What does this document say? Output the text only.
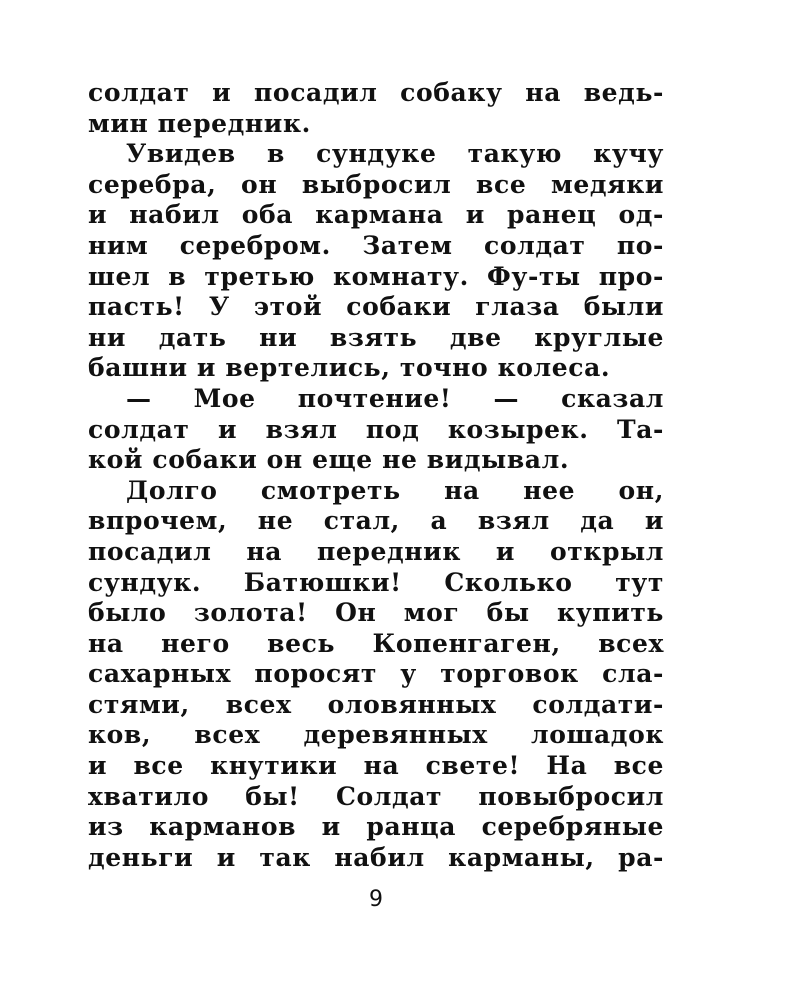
солдат и посадил собаку на ведь-
мин передник.
Увидев в сундуке такую кучу
серебра, он выбросил все медяки
и набил оба кармана и ранец од-
ним серебром. Затем солдат по-
шел в третью комнату. Фу-ты про-
пасть! У этой собаки глаза были
ни дать ни взять две круглые
башни и вертелись, точно колеса.
— Мое почтение! — сказал
солдат и взял под козырек. Та-
кой собаки он еще не видывал.
Долго смотреть на нее он,
впрочем, не стал, а взял да и
посадил на передник и открыл
сундук. Батюшки! Сколько тут
было золота! Он мог бы купить
на него весь Копенгаген, всех
сахарных поросят у торговок сла-
стями, всех оловянных солдати-
ков, всех деревянных лошадок
и все кнутики на свете! На все
хватило бы! Солдат повыбросил
из карманов и ранца серебряные
деньги и так набил карманы, ра-
9
